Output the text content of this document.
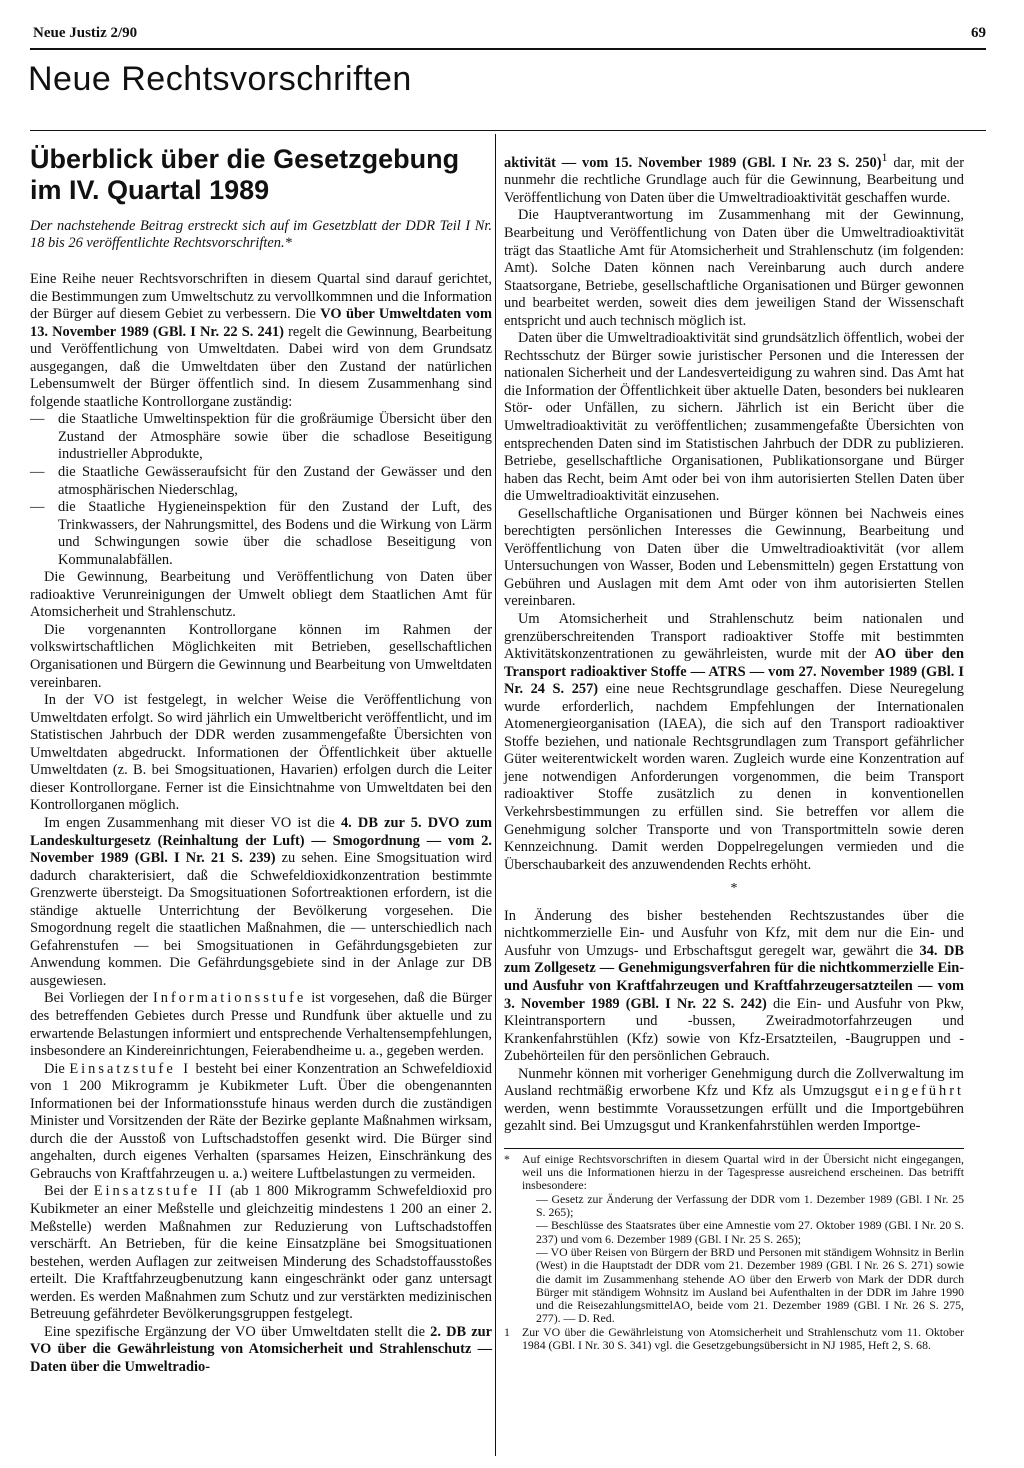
Neue Justiz 2/90	69
Neue Rechtsvorschriften
Überblick über die Gesetzgebung im IV. Quartal 1989

Der nachstehende Beitrag erstreckt sich auf im Gesetzblatt der DDR Teil I Nr. 18 bis 26 veröffentlichte Rechtsvorschriften.*

Eine Reihe neuer Rechtsvorschriften in diesem Quartal sind darauf gerichtet, die Bestimmungen zum Umweltschutz zu vervollkommnen und die Information der Bürger auf diesem Gebiet zu verbessern. Die VO über Umweltdaten vom 13. November 1989 (GBl. I Nr. 22 S. 241) regelt die Gewinnung, Bearbeitung und Veröffentlichung von Umweltdaten. Dabei wird von dem Grundsatz ausgegangen, daß die Umweltdaten über den Zustand der natürlichen Lebensumwelt der Bürger öffentlich sind. In diesem Zusammenhang sind folgende staatliche Kontrollorgane zuständig:

— die Staatliche Umweltinspektion für die großräumige Übersicht über den Zustand der Atmosphäre sowie über die schadlose Beseitigung industrieller Abprodukte,
— die Staatliche Gewässeraufsicht für den Zustand der Gewässer und den atmosphärischen Niederschlag,
— die Staatliche Hygieneinspektion für den Zustand der Luft, des Trinkwassers, der Nahrungsmittel, des Bodens und die Wirkung von Lärm und Schwingungen sowie über die schadlose Beseitigung von Kommunalabfällen.

Die Gewinnung, Bearbeitung und Veröffentlichung von Daten über radioaktive Verunreinigungen der Umwelt obliegt dem Staatlichen Amt für Atomsicherheit und Strahlenschutz.

Die vorgenannten Kontrollorgane können im Rahmen der volkswirtschaftlichen Möglichkeiten mit Betrieben, gesellschaftlichen Organisationen und Bürgern die Gewinnung und Bearbeitung von Umweltdaten vereinbaren.

In der VO ist festgelegt, in welcher Weise die Veröffentlichung von Umweltdaten erfolgt. So wird jährlich ein Umweltbericht veröffentlicht, und im Statistischen Jahrbuch der DDR werden zusammengefaßte Übersichten von Umweltdaten abgedruckt. Informationen der Öffentlichkeit über aktuelle Umweltdaten (z. B. bei Smogsituationen, Havarien) erfolgen durch die Leiter dieser Kontrollorgane. Ferner ist die Einsichtnahme von Umweltdaten bei den Kontrollorganen möglich.

Im engen Zusammenhang mit dieser VO ist die 4. DB zur 5. DVO zum Landeskulturgesetz (Reinhaltung der Luft) — Smogordnung — vom 2. November 1989 (GBl. I Nr. 21 S. 239) zu sehen. Eine Smogsituation wird dadurch charakterisiert, daß die Schwefeldioxidkonzentration bestimmte Grenzwerte übersteigt. Da Smogsituationen Sofortreaktionen erfordern, ist die ständige aktuelle Unterrichtung der Bevölkerung vorgesehen. Die Smogordnung regelt die staatlichen Maßnahmen, die — unterschiedlich nach Gefahrenstufen — bei Smogsituationen in Gefährdungsgebieten zur Anwendung kommen. Die Gefährdungsgebiete sind in der Anlage zur DB ausgewiesen.

Bei Vorliegen der Informationsstufe ist vorgesehen, daß die Bürger des betreffenden Gebietes durch Presse und Rundfunk über aktuelle und zu erwartende Belastungen informiert und entsprechende Verhaltensempfehlungen, insbesondere an Kindereinrichtungen, Feierabendheime u. a., gegeben werden.

Die Einsatzstufe I besteht bei einer Konzentration an Schwefeldioxid von 1 200 Mikrogramm je Kubikmeter Luft. Über die obengenannten Informationen bei der Informationsstufe hinaus werden durch die zuständigen Minister und Vorsitzenden der Räte der Bezirke geplante Maßnahmen wirksam, durch die der Ausstoß von Luftschadstoffen gesenkt wird. Die Bürger sind angehalten, durch eigenes Verhalten (sparsames Heizen, Einschränkung des Gebrauchs von Kraftfahrzeugen u. a.) weitere Luftbelastungen zu vermeiden.

Bei der Einsatzstufe II (ab 1 800 Mikrogramm Schwefeldioxid pro Kubikmeter an einer Meßstelle und gleichzeitig mindestens 1 200 an einer 2. Meßstelle) werden Maßnahmen zur Reduzierung von Luftschadstoffen verschärft. An Betrieben, für die keine Einsatzpläne bei Smogsituationen bestehen, werden Auflagen zur zeitweisen Minderung des Schadstoffausstoßes erteilt. Die Kraftfahrzeugbenutzung kann eingeschränkt oder ganz untersagt werden. Es werden Maßnahmen zum Schutz und zur verstärkten medizinischen Betreuung gefährdeter Bevölkerungsgruppen festgelegt.

Eine spezifische Ergänzung der VO über Umweltdaten stellt die 2. DB zur VO über die Gewährleistung von Atomsicherheit und Strahlenschutz — Daten über die Umweltradio-

aktivität — vom 15. November 1989 (GBl. I Nr. 23 S. 250)$^1$ dar, mit der nunmehr die rechtliche Grundlage auch für die Gewinnung, Bearbeitung und Veröffentlichung von Daten über die Umweltradioaktivität geschaffen wurde.

Die Hauptverantwortung im Zusammenhang mit der Gewinnung, Bearbeitung und Veröffentlichung von Daten über die Umweltradioaktivität trägt das Staatliche Amt für Atomsicherheit und Strahlenschutz (im folgenden: Amt). Solche Daten können nach Vereinbarung auch durch andere Staatsorgane, Betriebe, gesellschaftliche Organisationen und Bürger gewonnen und bearbeitet werden, soweit dies dem jeweiligen Stand der Wissenschaft entspricht und auch technisch möglich ist.

Daten über die Umweltradioaktivität sind grundsätzlich öffentlich, wobei der Rechtsschutz der Bürger sowie juristischer Personen und die Interessen der nationalen Sicherheit und der Landesverteidigung zu wahren sind. Das Amt hat die Information der Öffentlichkeit über aktuelle Daten, besonders bei nuklearen Stör- oder Unfällen, zu sichern. Jährlich ist ein Bericht über die Umweltradioaktivität zu veröffentlichen; zusammengefaßte Übersichten von entsprechenden Daten sind im Statistischen Jahrbuch der DDR zu publizieren. Betriebe, gesellschaftliche Organisationen, Publikationsorgane und Bürger haben das Recht, beim Amt oder bei von ihm autorisierten Stellen Daten über die Umweltradioaktivität einzusehen.

Gesellschaftliche Organisationen und Bürger können bei Nachweis eines berechtigten persönlichen Interesses die Gewinnung, Bearbeitung und Veröffentlichung von Daten über die Umweltradioaktivität (vor allem Untersuchungen von Wasser, Boden und Lebensmitteln) gegen Erstattung von Gebühren und Auslagen mit dem Amt oder von ihm autorisierten Stellen vereinbaren.

Um Atomsicherheit und Strahlenschutz beim nationalen und grenzüberschreitenden Transport radioaktiver Stoffe mit bestimmten Aktivitätskonzentrationen zu gewährleisten, wurde mit der AO über den Transport radioaktiver Stoffe — ATRS — vom 27. November 1989 (GBl. I Nr. 24 S. 257) eine neue Rechtsgrundlage geschaffen. Diese Neuregelung wurde erforderlich, nachdem Empfehlungen der Internationalen Atomenergieorganisation (IAEA), die sich auf den Transport radioaktiver Stoffe beziehen, und nationale Rechtsgrundlagen zum Transport gefährlicher Güter weiterentwickelt worden waren. Zugleich wurde eine Konzentration auf jene notwendigen Anforderungen vorgenommen, die beim Transport radioaktiver Stoffe zusätzlich zu denen in konventionellen Verkehrsbestimmungen zu erfüllen sind. Sie betreffen vor allem die Genehmigung solcher Transporte und von Transportmitteln sowie deren Kennzeichnung. Damit werden Doppelregelungen vermieden und die Überschaubarkeit des anzuwendenden Rechts erhöht.

*

In Änderung des bisher bestehenden Rechtszustandes über die nichtkommerzielle Ein- und Ausfuhr von Kfz, mit dem nur die Ein- und Ausfuhr von Umzugs- und Erbschaftsgut geregelt war, gewährt die 34. DB zum Zollgesetz — Genehmigungsverfahren für die nichtkommerzielle Ein- und Ausfuhr von Kraftfahrzeugen und Kraftfahrzeugersatzteilen — vom 3. November 1989 (GBl. I Nr. 22 S. 242) die Ein- und Ausfuhr von Pkw, Kleintransportern und -bussen, Zweiradmotorfahrzeugen und Krankenfahrstühlen (Kfz) sowie von Kfz-Ersatzteilen, -Baugruppen und -Zubehörteilen für den persönlichen Gebrauch.

Nunmehr können mit vorheriger Genehmigung durch die Zollverwaltung im Ausland rechtmäßig erworbene Kfz und Kfz als Umzugsgut eingeführt werden, wenn bestimmte Voraussetzungen erfüllt und die Importgebühren gezahlt sind. Bei Umzugsgut und Krankenfahrstühlen werden Importge-

* Auf einige Rechtsvorschriften in diesem Quartal wird in der Übersicht nicht eingegangen, weil uns die Informationen hierzu in der Tagespresse ausreichend erscheinen. Das betrifft insbesondere:
— Gesetz zur Änderung der Verfassung der DDR vom 1. Dezember 1989 (GBl. I Nr. 25 S. 265);
— Beschlüsse des Staatsrates über eine Amnestie vom 27. Oktober 1989 (GBl. I Nr. 20 S. 237) und vom 6. Dezember 1989 (GBl. I Nr. 25 S. 265);
— VO über Reisen von Bürgern der BRD und Personen mit ständigem Wohnsitz in Berlin (West) in die Hauptstadt der DDR vom 21. Dezember 1989 (GBl. I Nr. 26 S. 271) sowie die damit im Zusammenhang stehende AO über den Erwerb von Mark der DDR durch Bürger mit ständigem Wohnsitz im Ausland bei Aufenthalten in der DDR im Jahre 1990 und die ReisezahlungsmittelAO, beide vom 21. Dezember 1989 (GBl. I Nr. 26 S. 275, 277). — D. Red.
1 Zur VO über die Gewährleistung von Atomsicherheit und Strahlenschutz vom 11. Oktober 1984 (GBl. I Nr. 30 S. 341) vgl. die Gesetzgebungsübersicht in NJ 1985, Heft 2, S. 68.
